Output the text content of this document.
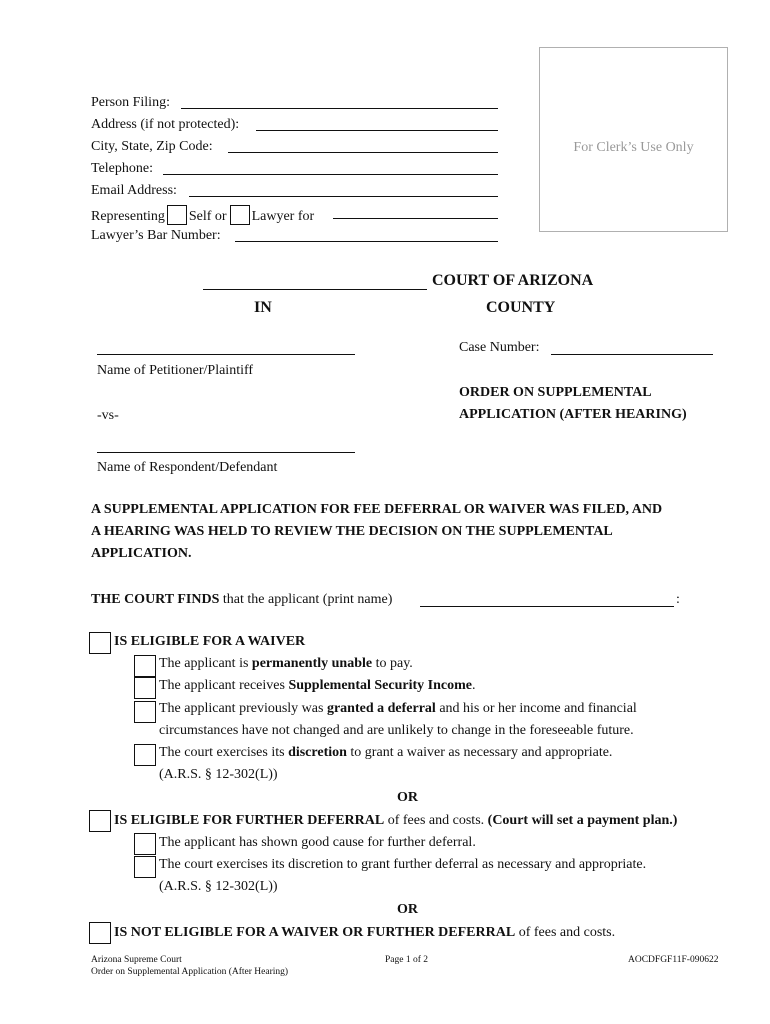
Person Filing:
Address (if not protected):
City, State, Zip Code:
Telephone:
Email Address:
Representing Self or Lawyer for
Lawyer’s Bar Number:
For Clerk’s Use Only
COURT OF ARIZONA
IN	COUNTY
Name of Petitioner/Plaintiff
-vs-
Name of Respondent/Defendant
Case Number:
ORDER ON SUPPLEMENTAL
APPLICATION (AFTER HEARING)
A SUPPLEMENTAL APPLICATION FOR FEE DEFERRAL OR WAIVER WAS FILED, AND
A HEARING WAS HELD TO REVIEW THE DECISION ON THE SUPPLEMENTAL
APPLICATION.
THE COURT FINDS that the applicant (print name)	:
IS ELIGIBLE FOR A WAIVER
The applicant is permanently unable to pay.
The applicant receives Supplemental Security Income.
The applicant previously was granted a deferral and his or her income and financial
circumstances have not changed and are unlikely to change in the foreseeable future.
The court exercises its discretion to grant a waiver as necessary and appropriate.
(A.R.S. § 12-302(L))
OR
IS ELIGIBLE FOR FURTHER DEFERRAL of fees and costs. (Court will set a payment plan.)
The applicant has shown good cause for further deferral.
The court exercises its discretion to grant further deferral as necessary and appropriate.
(A.R.S. § 12-302(L))
OR
IS NOT ELIGIBLE FOR A WAIVER OR FURTHER DEFERRAL of fees and costs.
Arizona Supreme Court
Order on Supplemental Application (After Hearing)
Page 1 of 2	AOCDFGF11F-090622
